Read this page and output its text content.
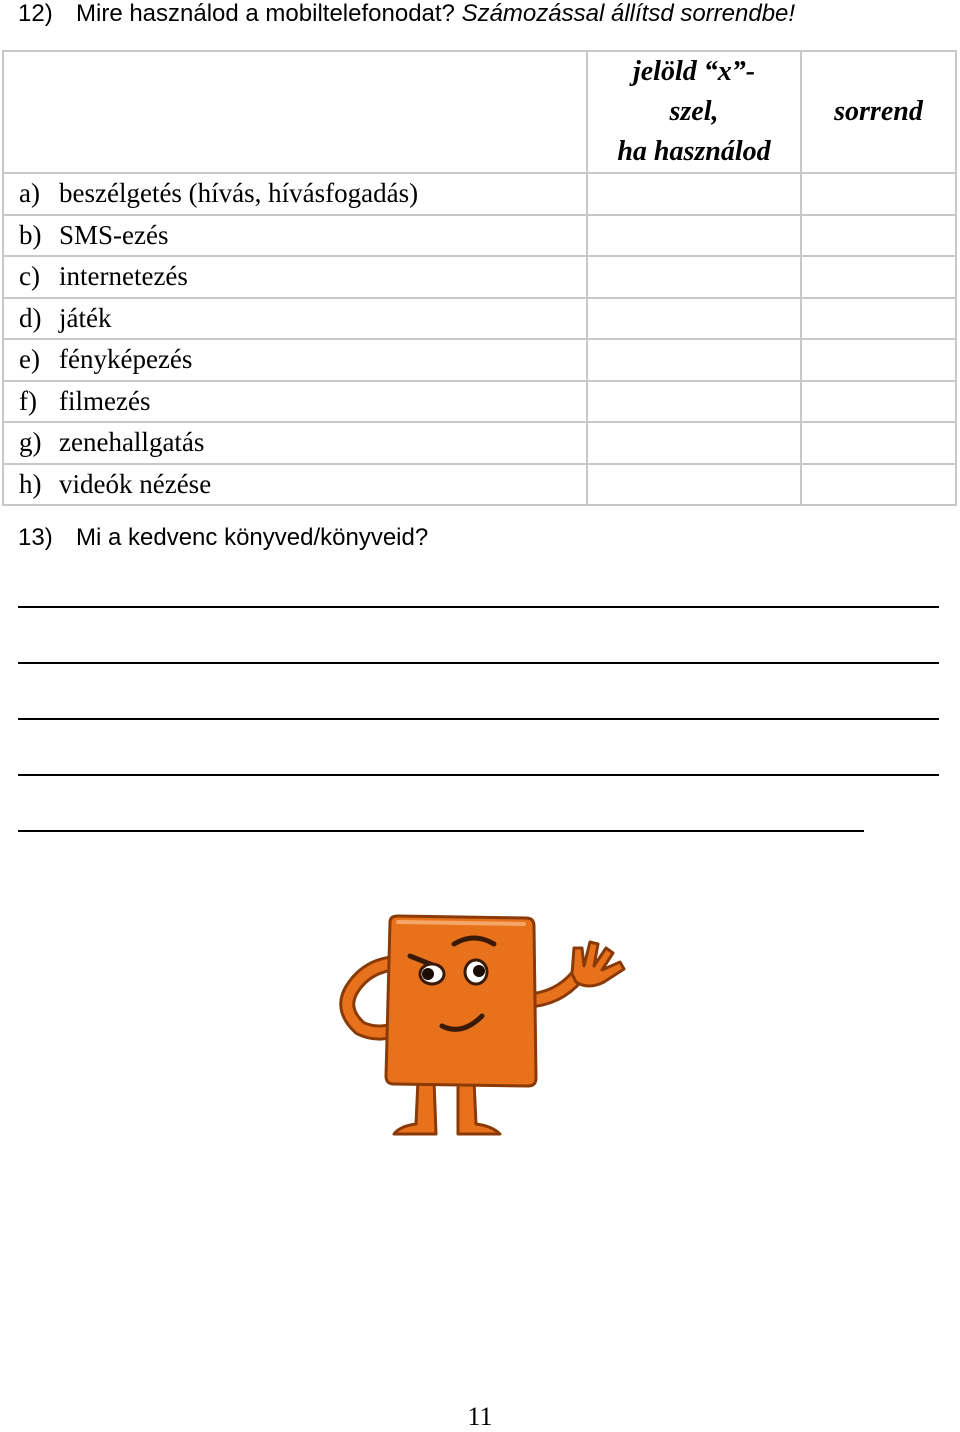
12) Mire használod a mobiltelefonodat? Számozással állítsd sorrendbe!

	jelöld “x”-
szel,
ha használod	sorrend
a) beszélgetés (hívás, hívásfogadás)		
b) SMS-ezés		
c) internetezés		
d) játék		
e) fényképezés		
f) filmezés		
g) zenehallgatás		
h) videók nézése		
13) Mi a kedvenc könyved/könyveid?
11
